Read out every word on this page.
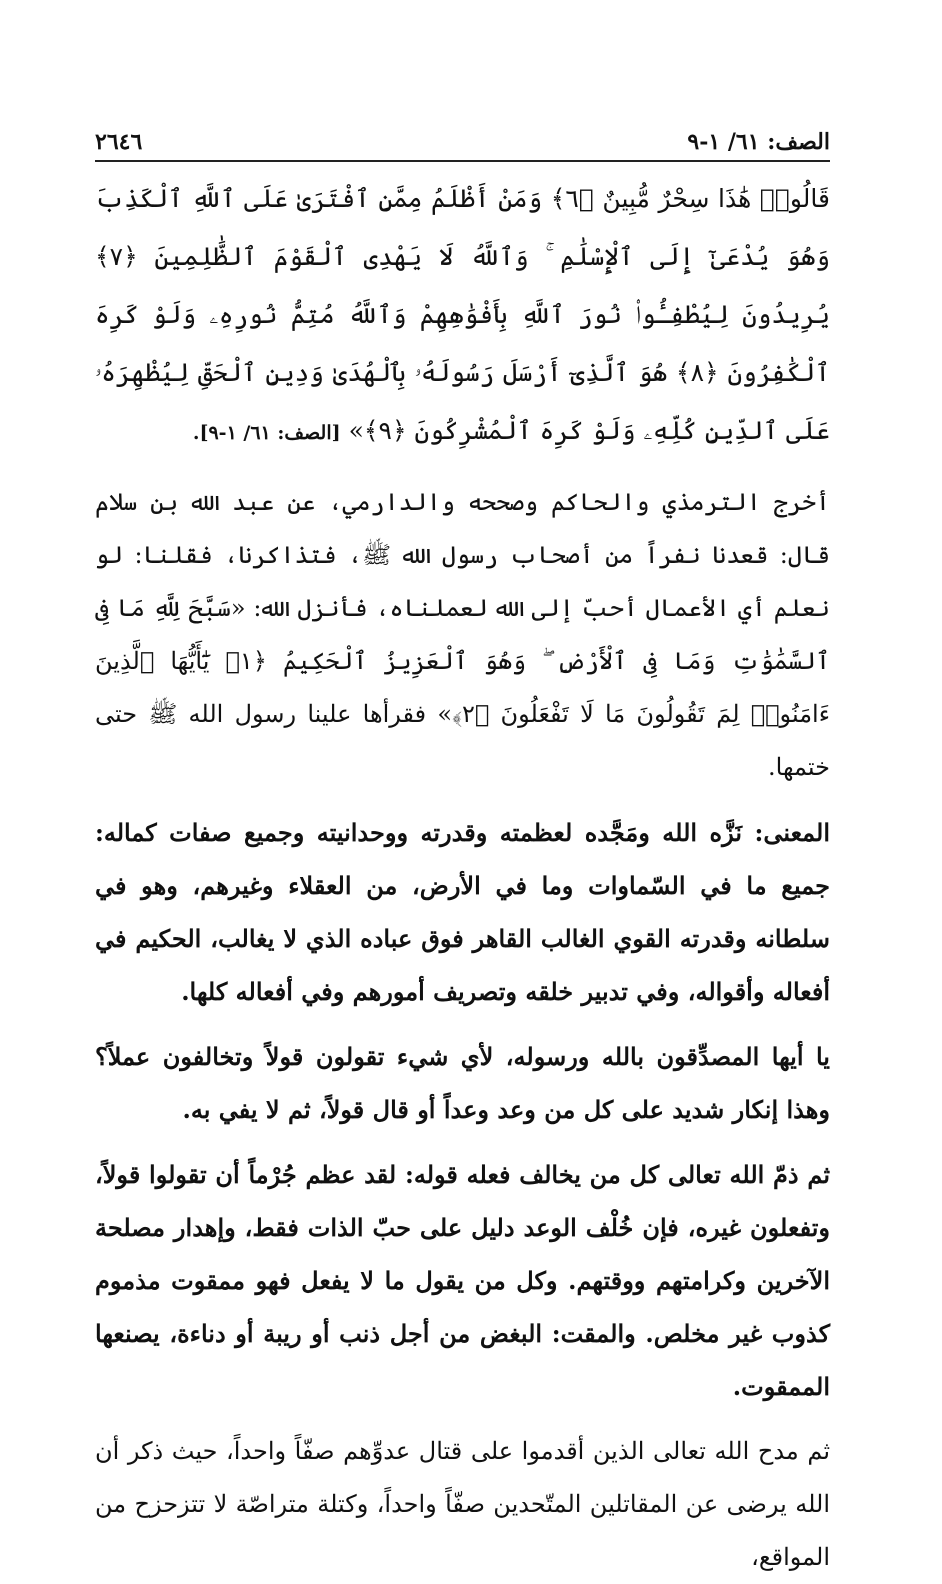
الصف: ٦١/ ١-٩
٢٦٤٦

قَالُوا۟ هَٰذَا سِحْرٌ مُّبِينٌ ﴿٦﴾ وَمَنْ أَظْلَمُ مِمَّنِ ٱفْتَرَىٰ عَلَى ٱللَّهِ ٱلْكَذِبَ وَهُوَ يُدْعَىٰٓ إِلَى ٱلْإِسْلَٰمِ ۚ وَٱللَّهُ لَا يَهْدِى ٱلْقَوْمَ ٱلظَّٰلِمِينَ ﴿٧﴾ يُرِيدُونَ لِيُطْفِـُٔوا۟ نُورَ ٱللَّهِ بِأَفْوَٰهِهِمْ وَٱللَّهُ مُتِمُّ نُورِهِۦ وَلَوْ كَرِهَ ٱلْكَٰفِرُونَ ﴿٨﴾ هُوَ ٱلَّذِىٓ أَرْسَلَ رَسُولَهُۥ بِٱلْهُدَىٰ وَدِينِ ٱلْحَقِّ لِيُظْهِرَهُۥ عَلَى ٱلدِّينِ كُلِّهِۦ وَلَوْ كَرِهَ ٱلْمُشْرِكُونَ ﴿٩﴾» [الصف: ٦١/ ١-٩].

أخرج الترمذي والحاكم وصححه والدارمي، عن عبد الله بن سلام قال: قعدنا نفراً من أصحاب رسول الله ﷺ، فتذاكرنا، فقلنا: لو نعلم أي الأعمال أحبّ إلى الله لعملناه، فأنزل الله: «سَبَّحَ لِلَّهِ مَا فِى ٱلسَّمَٰوَٰتِ وَمَا فِى ٱلْأَرْضِ ۖ وَهُوَ ٱلْعَزِيزُ ٱلْحَكِيمُ ﴿١﴾ يَٰٓأَيُّهَا ٱلَّذِينَ ءَامَنُوا۟ لِمَ تَقُولُونَ مَا لَا تَفْعَلُونَ ﴿٢﴾» فقرأها علينا رسول الله ﷺ حتى ختمها.

المعنى: نَزَّه الله ومَجَّده لعظمته وقدرته ووحدانيته وجميع صفات كماله: جميع ما في السّماوات وما في الأرض، من العقلاء وغيرهم، وهو في سلطانه وقدرته القوي الغالب القاهر فوق عباده الذي لا يغالب، الحكيم في أفعاله وأقواله، وفي تدبير خلقه وتصريف أمورهم وفي أفعاله كلها.

يا أيها المصدِّقون بالله ورسوله، لأي شيء تقولون قولاً وتخالفون عملاً؟ وهذا إنكار شديد على كل من وعد وعداً أو قال قولاً، ثم لا يفي به.

ثم ذمّ الله تعالى كل من يخالف فعله قوله: لقد عظم جُرْماً أن تقولوا قولاً، وتفعلون غيره، فإن خُلْف الوعد دليل على حبّ الذات فقط، وإهدار مصلحة الآخرين وكرامتهم ووقتهم. وكل من يقول ما لا يفعل فهو ممقوت مذموم كذوب غير مخلص. والمقت: البغض من أجل ذنب أو ريبة أو دناءة، يصنعها الممقوت.

ثم مدح الله تعالى الذين أقدموا على قتال عدوِّهم صفّاً واحداً، حيث ذكر أن الله يرضى عن المقاتلين المتّحدين صفّاً واحداً، وكتلة متراصّة لا تتزحزح من المواقع،
